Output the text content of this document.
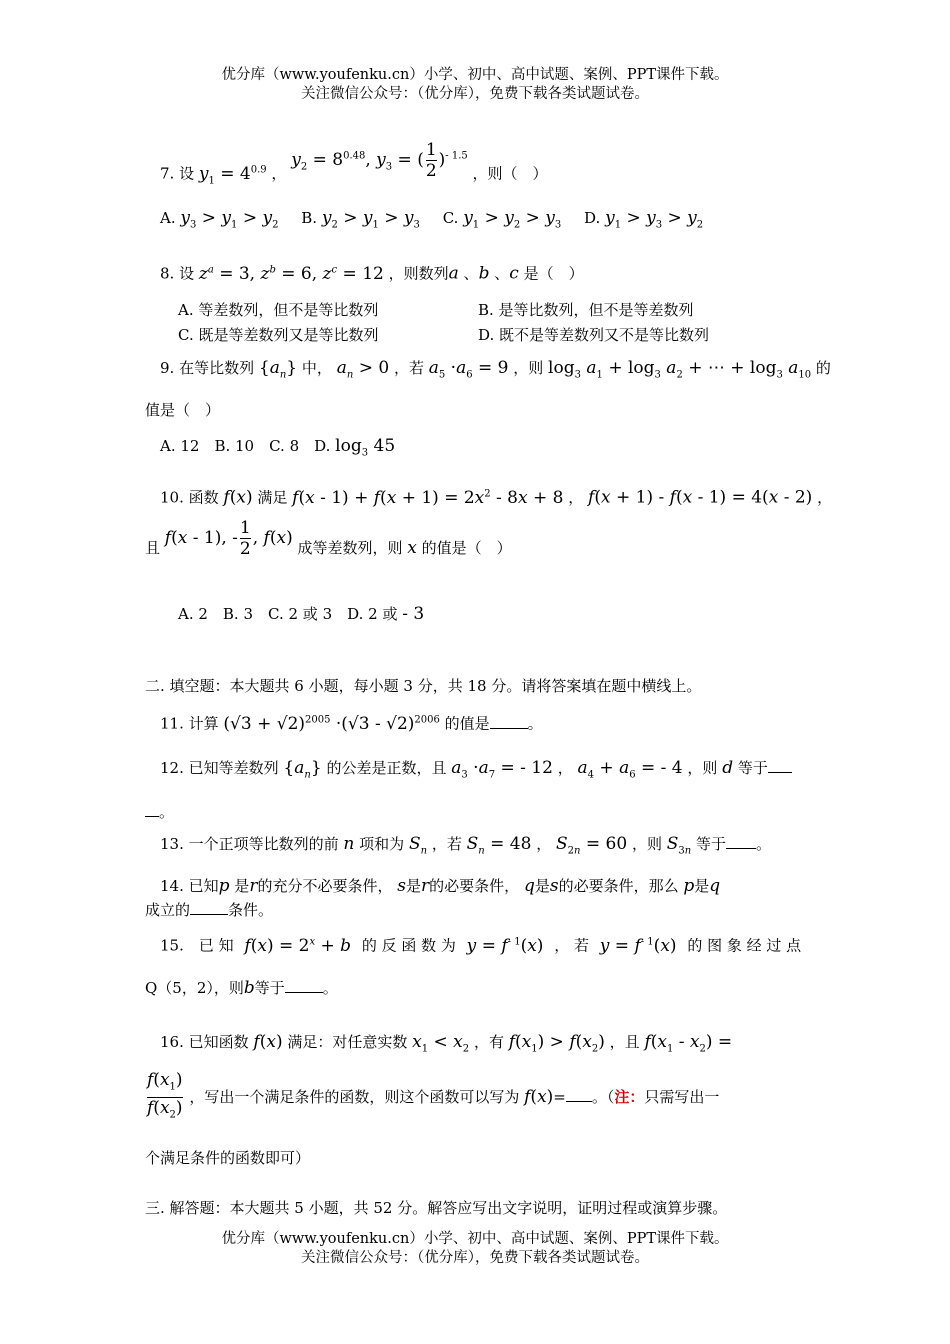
优分库（www.youfenku.cn）小学、初中、高中试题、案例、PPT课件下载。
关注微信公众号：（优分库），免费下载各类试题试卷。
7. 设 $y_1 = 4^{0.9}$ ， $y_2 = 8^{0.48}$, $y_3$ = ( $\frac{1}{2} )^{- 1.5}$ ，则（　）
A. $y_3 > y_1 > y_2$ B. $y_2 > y_1 > y_3$ C. $y_1 > y_2 > y_3$ D. $y_1 > y_3 > y_2$
8. 设 $z^a = 3$, $z^b = 6$, $z^c = 12$ ，则数列a 、b 、c 是（　）
A. 等差数列，但不是等比数列	B. 是等比数列，但不是等差数列
C. 既是等差数列又是等比数列	D. 既不是等差数列又不是等比数列
9. 在等比数列 $\{a_n\}$ 中， $a_n > 0$ ，若 $a_5 \cdot a_6 = 9$ ，则 $\log_3 a_1 + \log_3 a_2$ + ⋯ + $\log_3 a_{10}$ 的
值是（　）
A. 12　B. 10　C. 8　D. $\log_3 45$
10. 函数 f(x) 满足 $f(x - 1) + f(x + 1) = 2x^2 - 8x + 8$ ， f(x + 1) - f(x - 1) = 4(x - 2) ，
且 f(x - 1), - $\frac{1}{2}$ , f(x) 成等差数列，则 x 的值是（　）
A. 2　B. 3　C. 2 或 3　D. 2 或 - 3
二. 填空题：本大题共 6 小题，每小题 3 分，共 18 分。请将答案填在题中横线上。
11. 计算 $(√3 + √2)^{2005} \cdot(√3 - √2)^{2006}$ 的值是	。
12. 已知等差数列 $\{a_n\}$ 的公差是正数，且 $a_3 \cdot a_7$ = - 12 ， $a_4 + a_6$ = - 4 ，则 d 等于
。
13. 一个正项等比数列的前 n 项和为 $S_n$ ，若 $S_n = 48$ ， $S_{2n} = 60$ ，则 $S_{3n}$ 等于 。
14. 已知p 是r的充分不必要条件， s是r的必要条件， q是s的必要条件，那么 p是q
成立的	条件。
15.　已 知 $f(x) = 2^x + b$ 的 反 函 数 为 $y = f^{- 1}(x)$ ， 若 $y = f^{- 1}(x)$ 的 图 象 经 过 点
Q（5，2），则b等于	。
16. 已知函数 f(x) 满足：对任意实数 $x_1 < x_2$ ，有 $f(x_1) > f(x_2)$ ，且 $f(x_1 - x_2)$ =
$\frac{f(x_1)}{f(x_2)}$ ，写出一个满足条件的函数，则这个函数可以写为 f(x)= 。（注：只需写出一
个满足条件的函数即可）
三. 解答题：本大题共 5 小题，共 52 分。解答应写出文字说明，证明过程或演算步骤。
优分库（www.youfenku.cn）小学、初中、高中试题、案例、PPT课件下载。
关注微信公众号：（优分库），免费下载各类试题试卷。
